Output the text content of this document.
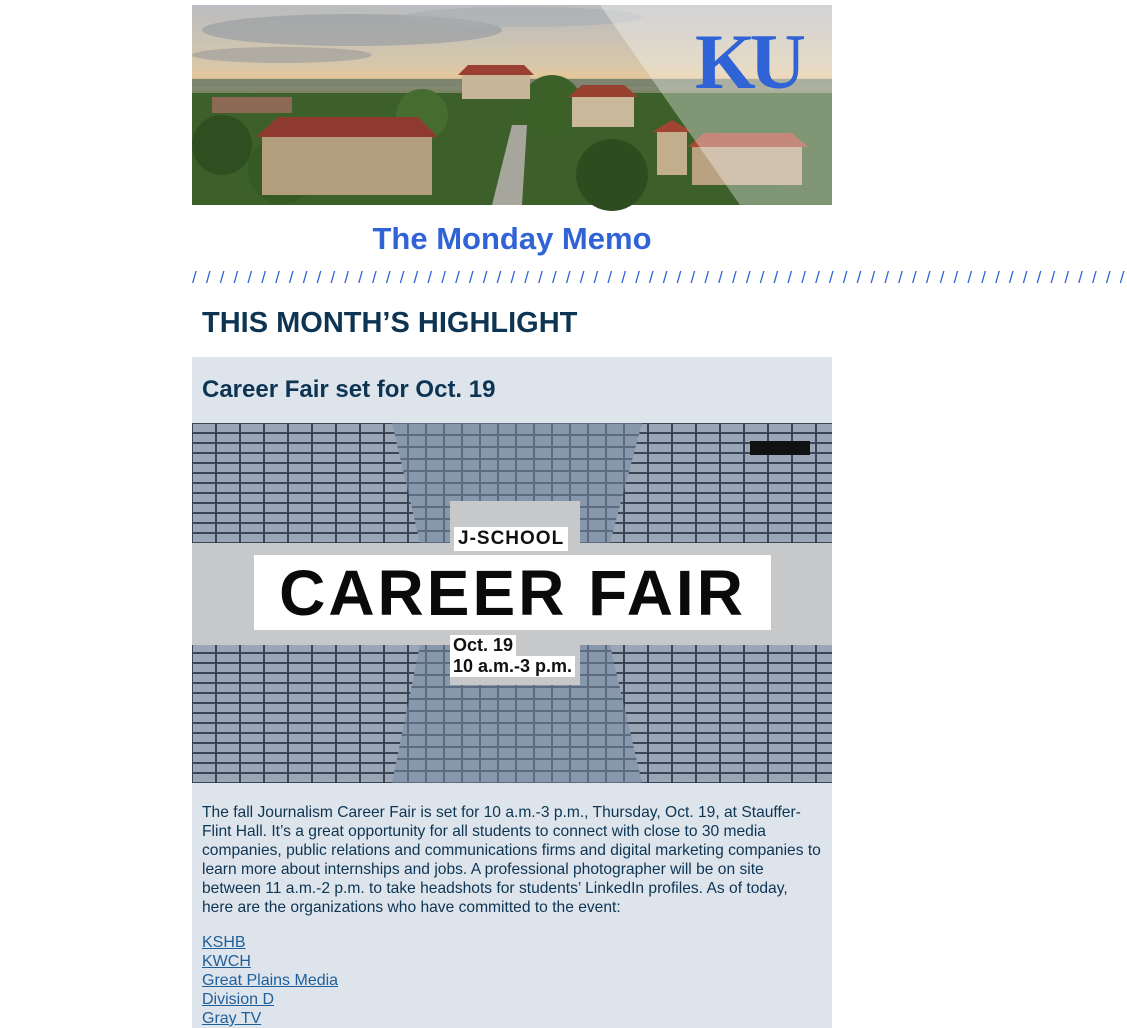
KU
The Monday Memo
/ / / / / / / / / / / / / / / / / / / / / / / / / / / / / / / / / / / / / / / / / / / / / / / / / / / / / / / / / / / / / / / / / / / /
THIS MONTH’S HIGHLIGHT
Career Fair set for Oct. 19
J-SCHOOL
CAREER FAIR
Oct. 19
10 a.m.-3 p.m.
The fall Journalism Career Fair is set for 10 a.m.-3 p.m., Thursday, Oct. 19, at Stauffer-Flint Hall. It’s a great opportunity for all students to connect with close to 30 media companies, public relations and communications firms and digital marketing companies to learn more about internships and jobs. A professional photographer will be on site between 11 a.m.-2 p.m. to take headshots for students’ LinkedIn profiles. As of today, here are the organizations who have committed to the event:
KSHB
KWCH
Great Plains Media
Division D
Gray TV
